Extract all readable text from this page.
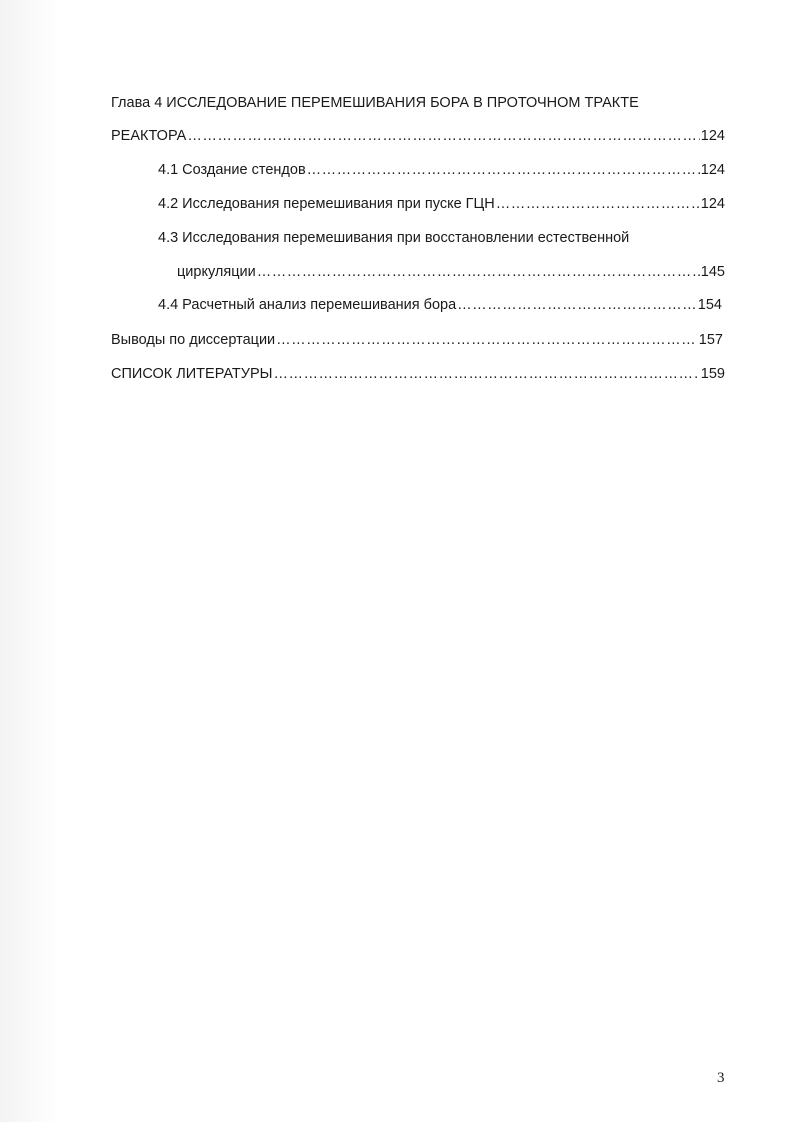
Глава 4 ИССЛЕДОВАНИЕ ПЕРЕМЕШИВАНИЯ БОРА В ПРОТОЧНОМ ТРАКТЕ
РЕАКТОРА ……………………………………………………………………………………………………………………………………………………………………	124
4.1 Создание стендов ……………………………………………………………………………………………………………………………………………………………………	124
4.2 Исследования перемешивания при пуске ГЦН ……………………………………………………………………………………………………………………………………………………………………	124
4.3 Исследования перемешивания при восстановлении естественной
циркуляции ……………………………………………………………………………………………………………………………………………………………………	145
4.4 Расчетный анализ перемешивания бора ……………………………………………………………………………………………………………………………………………………………………	154
Выводы по диссертации ……………………………………………………………………………………………………………………………………………………………………	157
СПИСОК ЛИТЕРАТУРЫ ……………………………………………………………………………………………………………………………………………………………………	159
3
